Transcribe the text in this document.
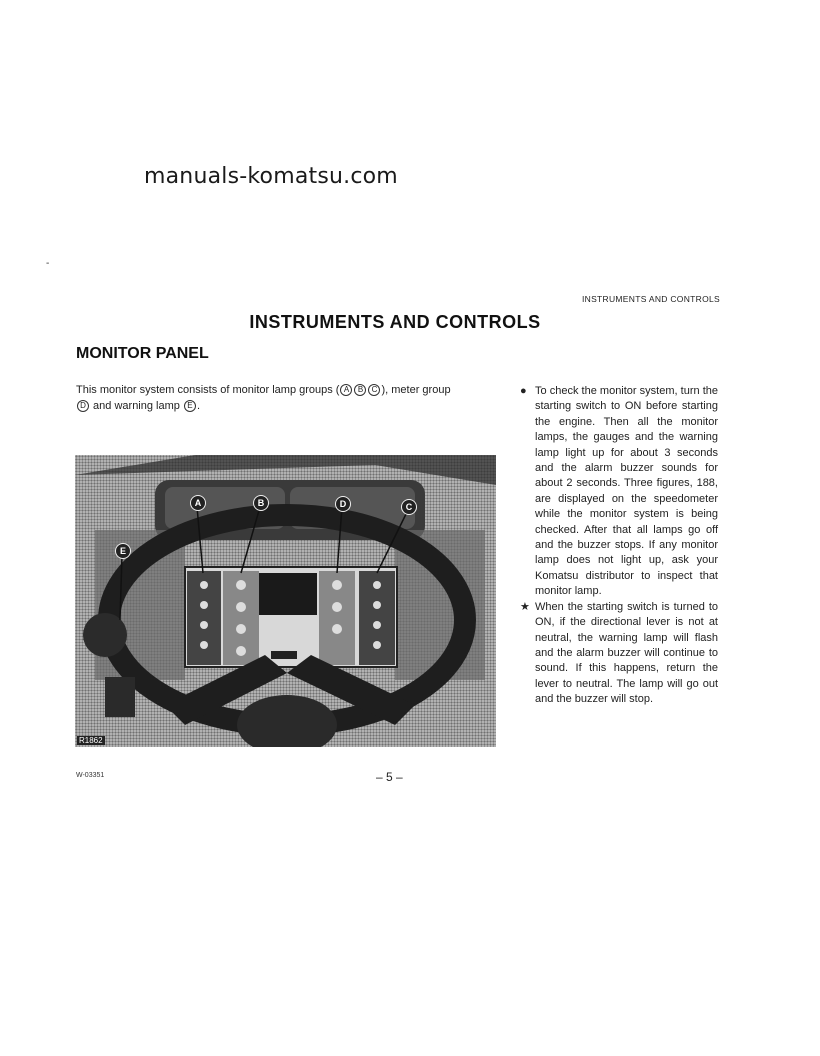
manuals-komatsu.com
-
INSTRUMENTS AND CONTROLS
INSTRUMENTS AND CONTROLS
MONITOR PANEL
This monitor system consists of monitor lamp groups ( A B C ), meter group
D and warning lamp E .
A	B	D	C
E
R1862
● To check the monitor system, turn the starting switch to ON before starting the engine. Then all the monitor lamps, the gauges and the warning lamp light up for about 3 seconds and the alarm buzzer sounds for about 2 seconds. Three figures, 188, are displayed on the speedometer while the monitor system is being checked. After that all lamps go off and the buzzer stops. If any monitor lamp does not light up, ask your Komatsu distributor to inspect that monitor lamp.
★ When the starting switch is turned to ON, if the directional lever is not at neutral, the warning lamp will flash and the alarm buzzer will continue to sound. If this happens, return the lever to neutral. The lamp will go out and the buzzer will stop.
W-03351	– 5 –
